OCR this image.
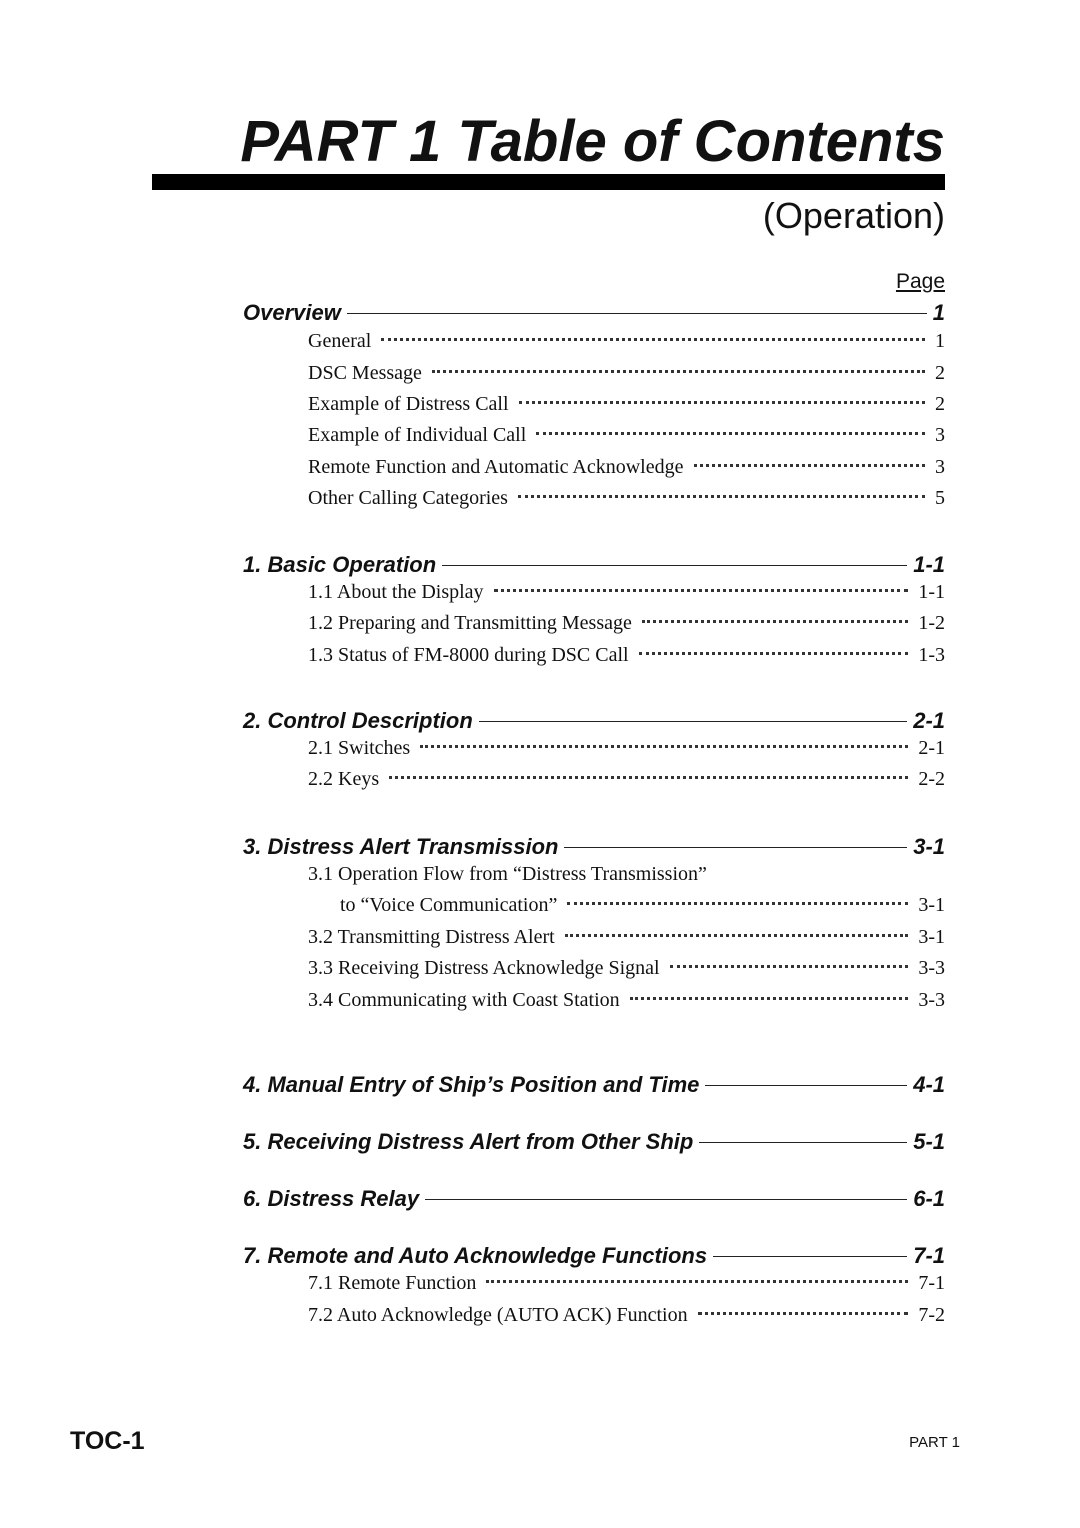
PART 1 Table of Contents
(Operation)
Page
Overview	1
General	1
DSC Message	2
Example of Distress Call	2
Example of Individual Call	3
Remote Function and Automatic Acknowledge	3
Other Calling Categories	5
1. Basic Operation	1-1
1.1 About the Display	1-1
1.2 Preparing and Transmitting Message	1-2
1.3 Status of FM-8000 during DSC Call	1-3
2. Control Description	2-1
2.1 Switches	2-1
2.2 Keys	2-2
3. Distress Alert Transmission	3-1
3.1 Operation Flow from “Distress Transmission”
to “Voice Communication”	3-1
3.2 Transmitting Distress Alert	3-1
3.3 Receiving Distress Acknowledge Signal	3-3
3.4 Communicating with Coast Station	3-3
4. Manual Entry of Ship’s Position and Time	4-1
5. Receiving Distress Alert from Other Ship	5-1
6. Distress Relay	6-1
7. Remote and Auto Acknowledge Functions	7-1
7.1 Remote Function	7-1
7.2 Auto Acknowledge (AUTO ACK) Function	7-2
TOC-1	PART 1
